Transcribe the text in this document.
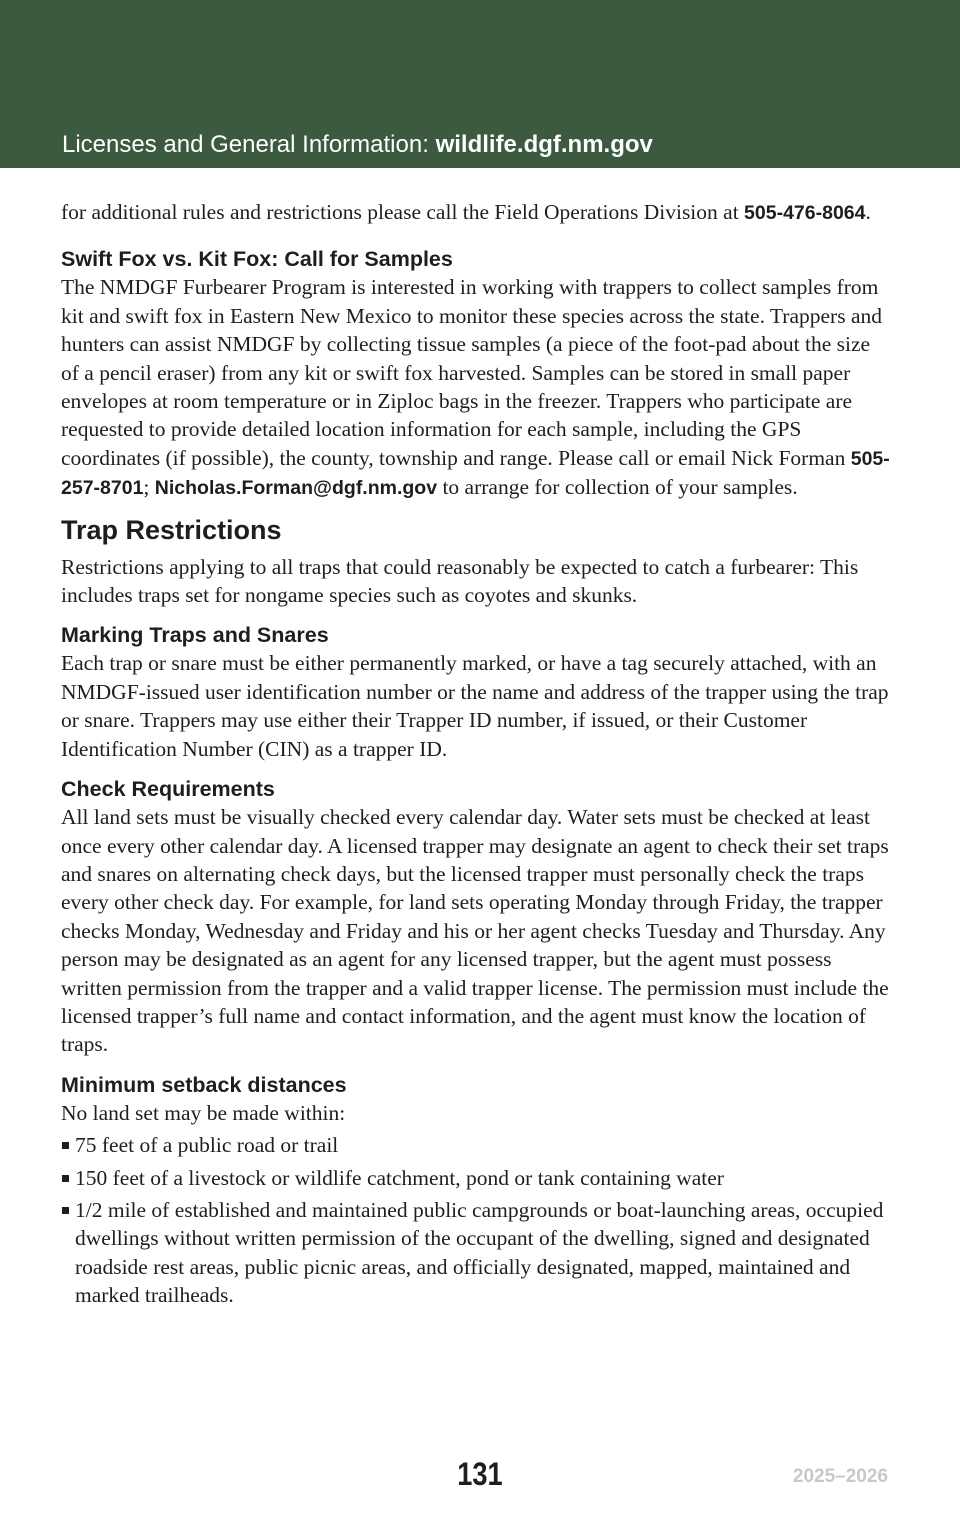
Licenses and General Information: wildlife.dgf.nm.gov

for additional rules and restrictions please call the Field Operations Division at 505-476-8064.

Swift Fox vs. Kit Fox: Call for Samples

The NMDGF Furbearer Program is interested in working with trappers to collect samples from kit and swift fox in Eastern New Mexico to monitor these species across the state. Trappers and hunters can assist NMDGF by collecting tissue samples (a piece of the foot-pad about the size of a pencil eraser) from any kit or swift fox harvested. Samples can be stored in small paper envelopes at room temperature or in Ziploc bags in the freezer. Trappers who participate are requested to provide detailed location information for each sample, including the GPS coordinates (if possible), the county, township and range. Please call or email Nick Forman 505-257-8701; Nicholas.Forman@dgf.nm.gov to arrange for collection of your samples.

Trap Restrictions

Restrictions applying to all traps that could reasonably be expected to catch a furbearer: This includes traps set for nongame species such as coyotes and skunks.

Marking Traps and Snares

Each trap or snare must be either permanently marked, or have a tag securely attached, with an NMDGF-issued user identification number or the name and address of the trapper using the trap or snare. Trappers may use either their Trapper ID number, if issued, or their Customer Identification Number (CIN) as a trapper ID.

Check Requirements

All land sets must be visually checked every calendar day. Water sets must be checked at least once every other calendar day. A licensed trapper may designate an agent to check their set traps and snares on alternating check days, but the licensed trapper must personally check the traps every other check day. For example, for land sets operating Monday through Friday, the trapper checks Monday, Wednesday and Friday and his or her agent checks Tuesday and Thursday. Any person may be designated as an agent for any licensed trapper, but the agent must possess written permission from the trapper and a valid trapper license. The permission must include the licensed trapper’s full name and contact information, and the agent must know the location of traps.

Minimum setback distances

No land set may be made within:

75 feet of a public road or trail
150 feet of a livestock or wildlife catchment, pond or tank containing water
1/2 mile of established and maintained public campgrounds or boat-launching areas, occupied dwellings without written permission of the occupant of the dwelling, signed and designated roadside rest areas, public picnic areas, and officially designated, mapped, maintained and marked trailheads.
131	2025–2026
